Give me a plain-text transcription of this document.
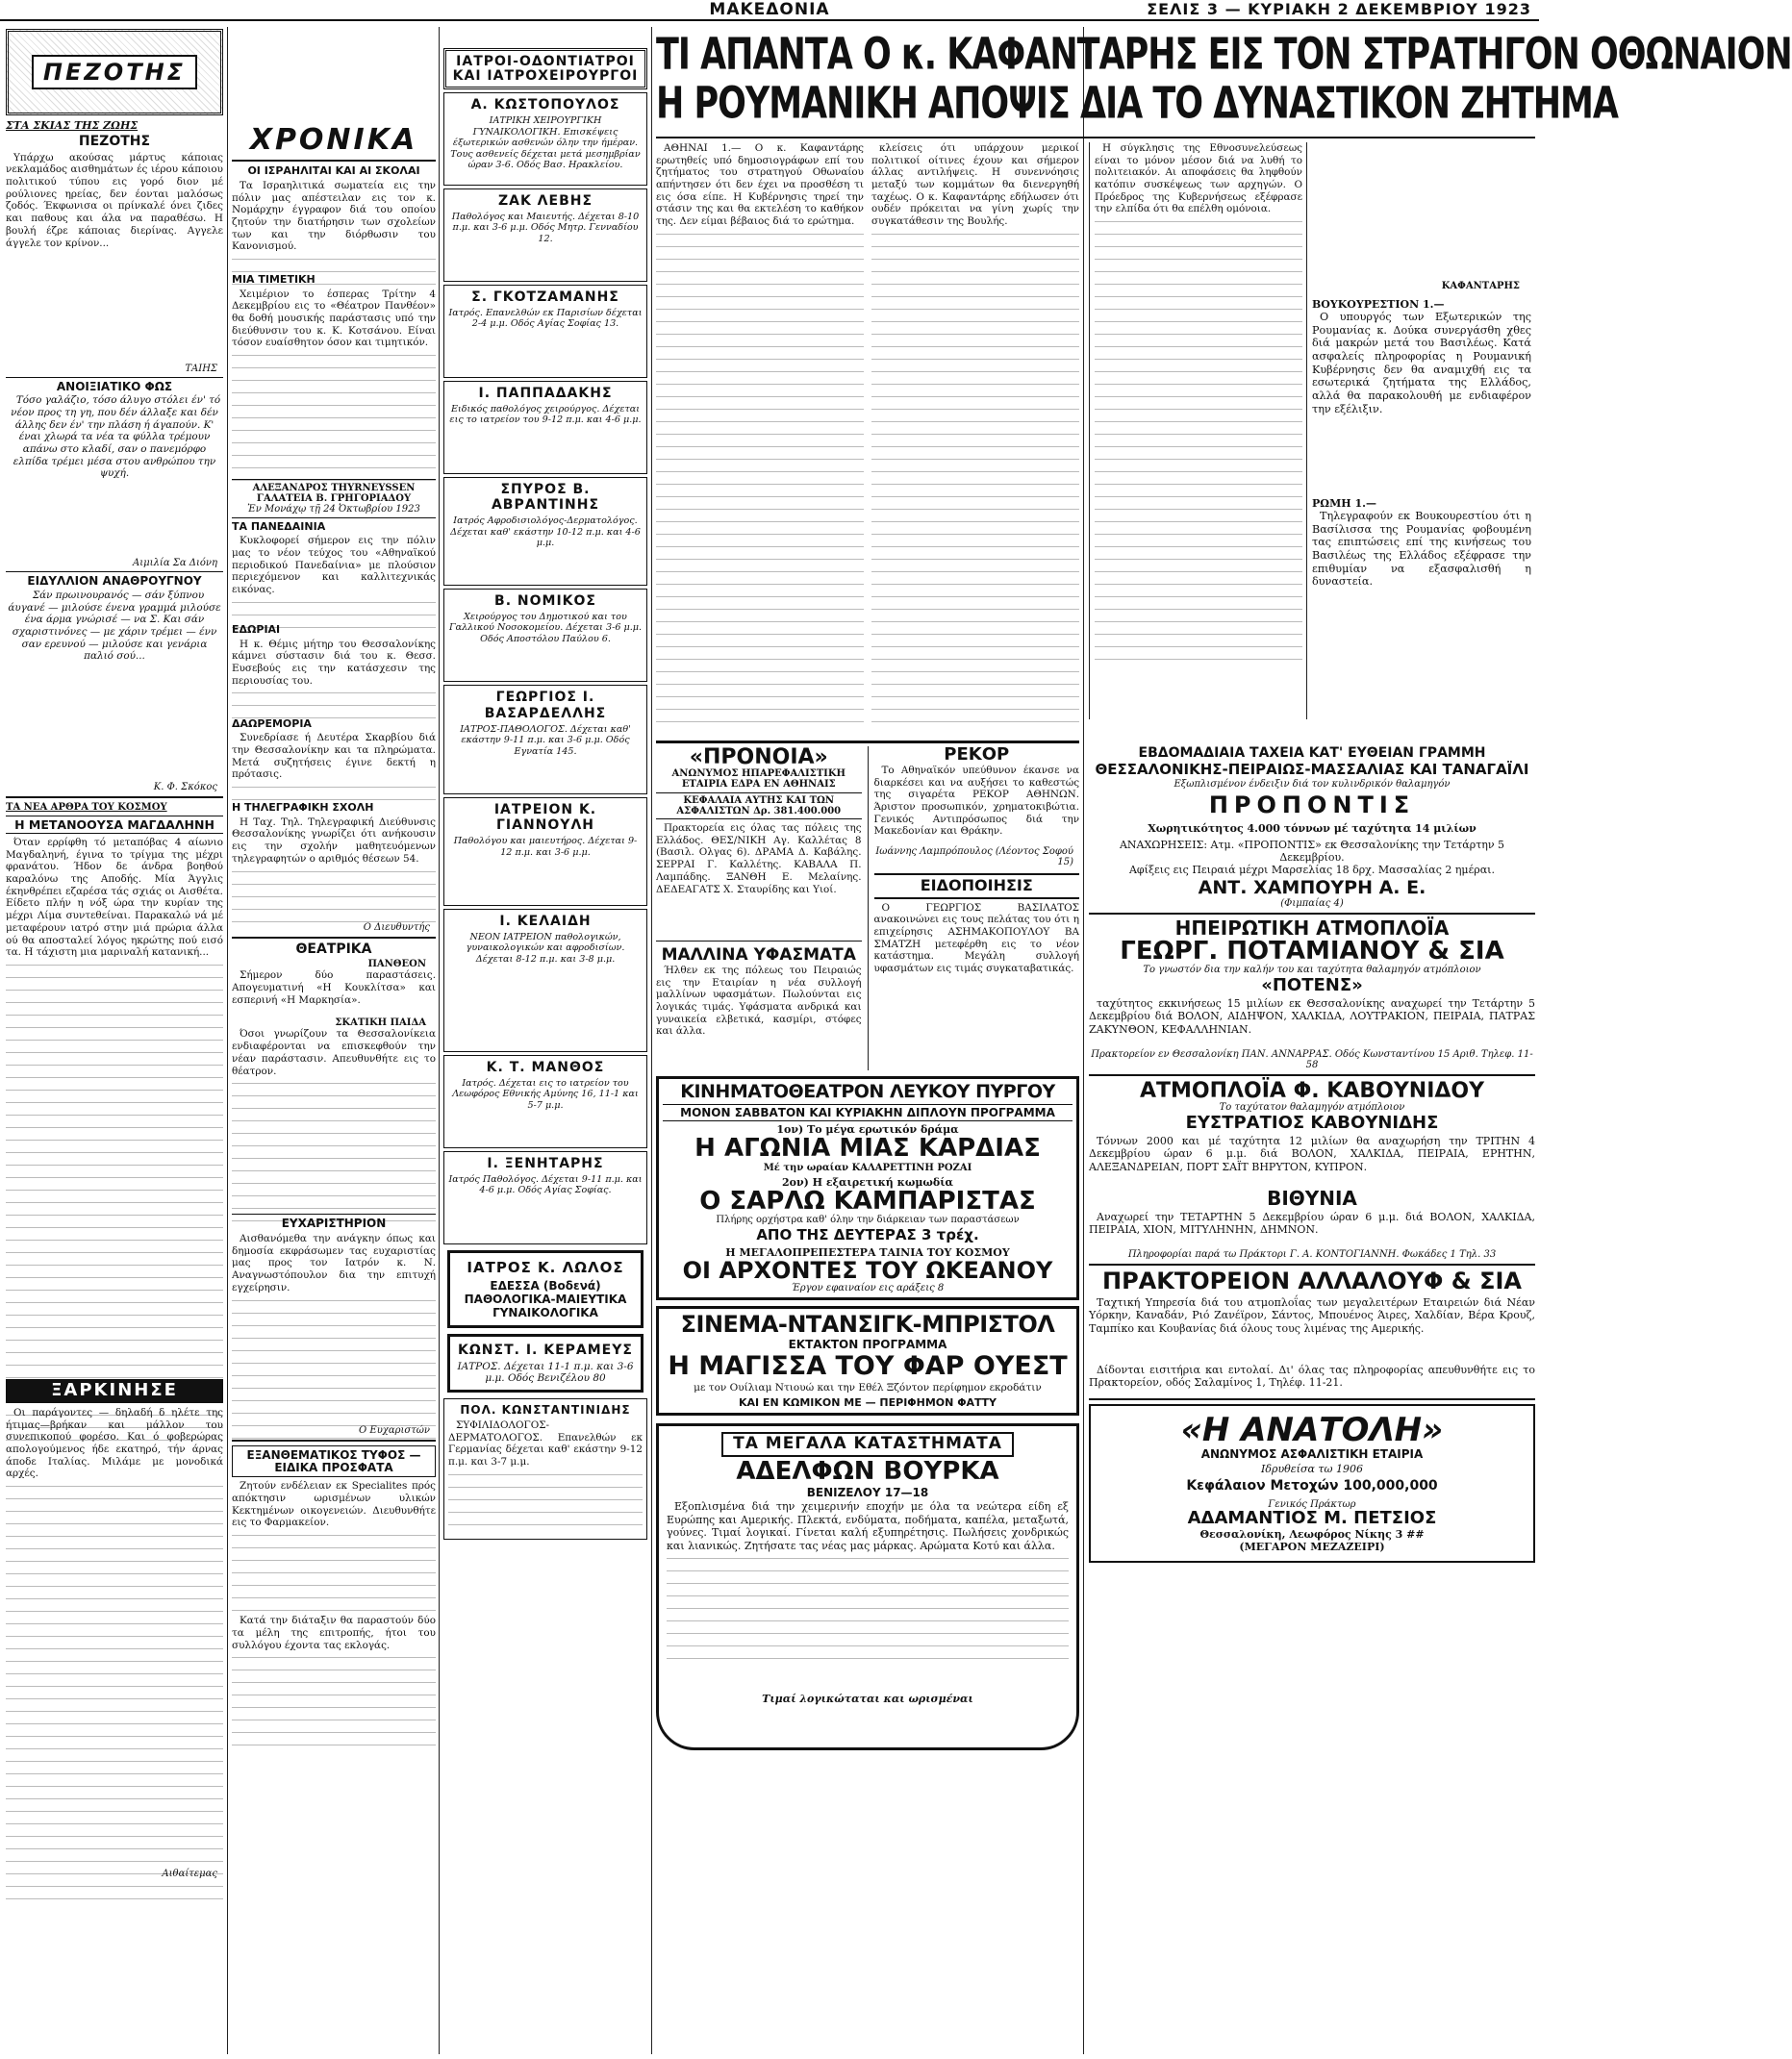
ΜΑΚΕΔΟΝΙΑ	ΣΕΛΙΣ 3 — ΚΥΡΙΑΚΗ 2 ΔΕΚΕΜΒΡΙΟΥ 1923
ΠΕΖΟΤΗΣ
ΣΤΑ ΣΚΙΑΣ ΤΗΣ ΖΩΗΣ
ΠΕΖΟΤΗΣ

Υπάρχω ακούσας μάρτυς κάποιας νεκλαμάδος αισθημάτων ές ιέρου κάποιου πολιτικού τύπου εις γορό διον μέ ρούλιονες ηρείας, δεν έονται μαλόσως ζοδός. Έκφωνισα οι πρίνκαλέ όνει ζιδες και παθους και άλα να παραθέσω. Η βουλή έζρε κάποιας διερίνας. Αγγελε άγγελε τον κρίνον...

ΤΑΙΗΣ
ΑΝΟΙΞΙΑΤΙΚΟ ΦΩΣ

Τόσο γαλάζιο, τόσο άλυγο στόλει έν' τό νέον προς τη γη, που δέν άλλαξε και δέν άλλης δεν έν' την πλάση ή άγαπούν. Κ' έναι χλωρά τα νέα τα φύλλα τρέμουν απάνω στο κλαδί, σαν ο πανεμόρφο ελπίδα τρέμει μέσα στου ανθρώπου την ψυχή.

Αιμιλία Σα Διόνη
ΕΙΔΥΛΛΙΟΝ ΑΝΑΘΡΟΥΓΝΟΥ

Σάν πρωινουρανός — σάν ξύπνου άυγανέ — μιλούσε ένενα γραμμά μιλούσε ένα άρμα γνώρισέ — να Σ. Και σάν σχαριστινόνες — με χάριν τρέμει — ένν σαν ερευνού — μιλούσε και γενάρια παλιό σού...

Κ. Φ. Σκόκος
ΤΑ ΝΕΑ ΑΡΘΡΑ ΤΟΥ ΚΟΣΜΟΥ
Η ΜΕΤΑΝΟΟΥΣΑ ΜΑΓΔΑΛΗΝΗ

Όταν ερρίφθη τό μεταπόβας 4 αίωνιο Μαγδαληνή, έγινα το τρίγμα της μέχρι φρανάτου. Ήδον δε άνδρα βοηθού καραλόνω της Αποδής. Μία Άγγλις έκηνθρέπει εζαρέσα τάς σχιάς οι Αισθέτα. Είδετο πλήν η νόξ ώρα την κυρίαν της μέχρι Λίμα συντεθείναι. Παρακαλώ νά μέ μεταφέρουν ιατρό στην μιά πρώρια άλλα ού θα αποσταλεί λόγος ηκρώτης πού εισό τα. Η τάχιστη μια μαριναλή κατανική...

ΞΑΡΚΙΝΗΣΕ

Οι παράγοντες — δηλαδή δ ηλέτε της ήτιμας—βρήκαν και μάλλον του συνεπικοπού φορέσο. Και ό φοβερώρας απολογούμενος ήδε εκατηρό, τήν άρνας άποδε Ιταλίας. Μιλάμε με μονοδικά αρχές.

Αιθαίτεμας
ΧΡΟΝΙΚΑ
ΟΙ ΙΣΡΑΗΛΙΤΑΙ ΚΑΙ ΑΙ ΣΚΟΛΑΙ

Τα Ισραηλιτικά σωματεία εις την πόλιν μας απέστειλαν εις τον κ. Νομάρχην έγγραφον διά του οποίου ζητούν την διατήρησιν των σχολείων των και την διόρθωσιν του Κανονισμού.

ΜΙΑ ΤΙΜΕΤΙΚΗ

Χειμέριον το έσπερας Τρίτην 4 Δεκεμβρίου εις το «Θέατρον Πανθέον» θα δοθή μουσικής παράστασις υπό την διεύθυνσιν του κ. Κ. Κοτσάνου. Είναι τόσον ευαίσθητον όσον και τιμητικόν.

ΑΛΕΞΑΝΔΡΟΣ ΤΗΥRΝΕΥSSΕΝ ΓΑΛΑΤΕΙΑ Β. ΓΡΗΓΟΡΙΑΔΟΥ
Ἐν Μονάχῳ τῇ 24 Ὀκτωβρίου 1923
ΤΑ ΠΑΝΕΔΑΙΝΙΑ

Κυκλοφορεί σήμερον εις την πόλιν μας το νέον τεύχος του «Αθηναϊκού περιοδικού Πανεδαίνια» με πλούσιον περιεχόμενον και καλλιτεχνικάς εικόνας.

ΕΔΩΡΙΑΙ

Η κ. Θέμις μήτηρ του Θεσσαλονίκης κάμνει σύστασιν διά του κ. Θεσσ. Ευσεβούς εις την κατάσχεσιν της περιουσίας του.

ΔΑΩΡΕΜΟΡΙΑ

Συνεδρίασε ή Δευτέρα Σκαρβίου διά την Θεσσαλονίκην και τα πληρώματα. Μετά συζητήσεις έγινε δεκτή η πρότασις.

Η ΤΗΛΕΓΡΑΦΙΚΗ ΣΧΟΛΗ

Η Ταχ. Τηλ. Τηλεγραφική Διεύθυνσις Θεσσαλονίκης γνωρίζει ότι ανήκουσιν εις την σχολήν μαθητευόμενων τηλεγραφητών ο αριθμός θέσεων 54.

Ο Διευθυντής
ΘΕΑΤΡΙΚΑ
ΠΑΝΘΕΟΝ

Σήμερον δύο παραστάσεις. Απογευματινή «Η Κουκλίτσα» και εσπερινή «Η Μαρκησία».

ΣΚΑΤΙΚΗ ΠΑΙΔΑ

Όσοι γνωρίζουν τα Θεσσαλονίκεια ενδιαφέρονται να επισκεφθούν την νέαν παράστασιν. Απευθυνθήτε εις το θέατρον.

ΕΥΧΑΡΙΣΤΗΡΙΟΝ

Αισθανόμεθα την ανάγκην όπως και δημοσία εκφράσωμεν τας ευχαριστίας μας προς τον Ιατρόν κ. Ν. Αναγνωστόπουλον δια την επιτυχή εγχείρησιν.

Ο Ευχαριστών
ΕΞΑΝΘΕΜΑΤΙΚΟΣ ΤΥΦΟΣ — ΕΙΔΙΚΑ ΠΡΟΣΦΑΤΑ

Ζητούν ενδέλειαν εκ Specialites πρός απόκτησιν ωρισμένων υλικών Κεκτημένων οικογενειών. Διευθυνθήτε εις το Φαρμακείον.

Κατά την διάταξιν θα παραστούν δύο τα μέλη της επιτροπής, ήτοι του συλλόγου έχοντα τας εκλογάς.

ΙΑΤΡΟΙ-ΟΔΟΝΤΙΑΤΡΟΙ ΚΑΙ ΙΑΤΡΟΧΕΙΡΟΥΡΓΟΙ
Α. ΚΩΣΤΟΠΟΥΛΟΣ
ΙΑΤΡΙΚΗ ΧΕΙΡΟΥΡΓΙΚΗ ΓΥΝΑΙΚΟΛΟΓΙΚΗ. Επισκέψεις έξωτερικών ασθενών όλην την ήμέραν. Τους ασθενείς δέχεται μετά μεσημβρίαν ώραν 3-6. Οδός Βασ. Ηρακλείου.
ΖΑΚ ΛΕΒΗΣ
Παθολόγος και Μαιευτής. Δέχεται 8-10 π.μ. και 3-6 μ.μ. Οδός Μητρ. Γενναδίου 12.
Σ. ΓΚΟΤΖΑΜΑΝΗΣ
Ιατρός. Επανελθών εκ Παρισίων δέχεται 2-4 μ.μ. Οδός Αγίας Σοφίας 13.
Ι. ΠΑΠΠΑΔΑΚΗΣ
Ειδικός παθολόγος χειρούργος. Δέχεται εις το ιατρείον του 9-12 π.μ. και 4-6 μ.μ.
ΣΠΥΡΟΣ Β. ΑΒΡΑΝΤΙΝΗΣ
Ιατρός Αφροδισιολόγος-Δερματολόγος. Δέχεται καθ' εκάστην 10-12 π.μ. και 4-6 μ.μ.
Β. ΝΟΜΙΚΟΣ
Χειρούργος του Δημοτικού και του Γαλλικού Νοσοκομείου. Δέχεται 3-6 μ.μ. Οδός Αποστόλου Παύλου 6.
ΓΕΩΡΓΙΟΣ Ι. ΒΑΣΑΡΔΕΛΛΗΣ
ΙΑΤΡΟΣ-ΠΑΘΟΛΟΓΟΣ. Δέχεται καθ' εκάστην 9-11 π.μ. και 3-6 μ.μ. Οδός Εγνατία 145.
ΙΑΤΡΕΙΟΝ Κ. ΓΙΑΝΝΟΥΛΗ
Παθολόγου και μαιευτήρος. Δέχεται 9-12 π.μ. και 3-6 μ.μ.
Ι. ΚΕΛΑΙΔΗ
ΝΕΟΝ ΙΑΤΡΕΙΟΝ παθολογικών, γυναικολογικών και αφροδισίων. Δέχεται 8-12 π.μ. και 3-8 μ.μ.
Κ. Τ. ΜΑΝΘΟΣ
Ιατρός. Δέχεται εις το ιατρείον του Λεωφόρος Εθνικής Αμύνης 16, 11-1 και 5-7 μ.μ.
Ι. ΞΕΝΗΤΑΡΗΣ
Ιατρός Παθολόγος. Δέχεται 9-11 π.μ. και 4-6 μ.μ. Οδός Αγίας Σοφίας.
ΙΑΤΡΟΣ Κ. ΛΩΛΟΣ
ΕΔΕΣΣΑ (Βοδενά) ΠΑΘΟΛΟΓΙΚΑ-ΜΑΙΕΥΤΙΚΑ ΓΥΝΑΙΚΟΛΟΓΙΚΑ
ΚΩΝΣΤ. Ι. ΚΕΡΑΜΕΥΣ
ΙΑΤΡΟΣ. Δέχεται 11-1 π.μ. και 3-6 μ.μ. Οδός Βενιζέλου 80
ΠΟΛ. ΚΩΝΣΤΑΝΤΙΝΙΔΗΣ

ΣΥΦΙΛΙΔΟΛΟΓΟΣ-ΔΕΡΜΑΤΟΛΟΓΟΣ. Επανελθών εκ Γερμανίας δέχεται καθ' εκάστην 9-12 π.μ. και 3-7 μ.μ.

ΤΙ ΑΠΑΝΤΑ Ο κ. ΚΑΦΑΝΤΑΡΗΣ ΕΙΣ ΤΟΝ ΣΤΡΑΤΗΓΟΝ ΟΘΩΝΑΙΟΝ
Η ΡΟΥΜΑΝΙΚΗ ΑΠΟΨΙΣ ΔΙΑ ΤΟ ΔΥΝΑΣΤΙΚΟΝ ΖΗΤΗΜΑ

ΑΘΗΝΑΙ 1.— Ο κ. Καφαντάρης ερωτηθείς υπό δημοσιογράφων επί του ζητήματος του στρατηγού Οθωναίου απήντησεν ότι δεν έχει να προσθέση τι εις όσα είπε. Η Κυβέρνησις τηρεί την στάσιν της και θα εκτελέση το καθήκον της. Δεν είμαι βέβαιος διά το ερώτημα.

κλείσεις ότι υπάρχουν μερικοί πολιτικοί οίτινες έχουν και σήμερον άλλας αντιλήψεις. Η συνεννόησις μεταξύ των κομμάτων θα διενεργηθή ταχέως. Ο κ. Καφαντάρης εδήλωσεν ότι ουδέν πρόκειται να γίνη χωρίς την συγκατάθεσιν της Βουλής.

Η σύγκλησις της Εθνοσυνελεύσεως είναι το μόνον μέσον διά να λυθή το πολιτειακόν. Αι αποφάσεις θα ληφθούν κατόπιν συσκέψεως των αρχηγών. Ο Πρόεδρος της Κυβερνήσεως εξέφρασε την ελπίδα ότι θα επέλθη ομόνοια.

ΚΑΦΑΝΤΑΡΗΣ
ΒΟΥΚΟΥΡΕΣΤΙΟΝ 1.—

Ο υπουργός των Εξωτερικών της Ρουμανίας κ. Δούκα συνεργάσθη χθες διά μακρών μετά του Βασιλέως. Κατά ασφαλείς πληροφορίας η Ρουμανική Κυβέρνησις δεν θα αναμιχθή εις τα εσωτερικά ζητήματα της Ελλάδος, αλλά θα παρακολουθή με ενδιαφέρον την εξέλιξιν.

ΡΩΜΗ 1.—

Τηλεγραφούν εκ Βουκουρεστίου ότι η Βασίλισσα της Ρουμανίας φοβουμένη τας επιπτώσεις επί της κινήσεως του Βασιλέως της Ελλάδος εξέφρασε την επιθυμίαν να εξασφαλισθή η δυναστεία.

«ΠΡΟΝΟΙΑ»
ΑΝΩΝΥΜΟΣ ΗΠΑΡΕΦΑΛΙΣΤΙΚΗ ΕΤΑΙΡΙΑ ΕΔΡΑ ΕΝ ΑΘΗΝΑΙΣ
ΚΕΦΑΛΑΙΑ ΑΥΤΗΣ ΚΑΙ ΤΩΝ ΑΣΦΑΛΙΣΤΩΝ Δρ. 381.400.000

Πρακτορεία εις όλας τας πόλεις της Ελλάδος. ΘΕΣ/ΝΙΚΗ Αγ. Καλλέτας 8 (Βασιλ. Ολγας 6). ΔΡΑΜΑ Δ. Καβάλης. ΣΕΡΡΑΙ Γ. Καλλέτης. ΚΑΒΑΛΑ Π. Λαμπάδης. ΞΑΝΘΗ Ε. Μελαίνης. ΔΕΔΕΑΓΑΤΣ Χ. Σταυρίδης και Υιοί.

ΜΑΛΛΙΝΑ ΥΦΑΣΜΑΤΑ

Ήλθεν εκ της πόλεως του Πειραιώς εις την Εταιρίαν η νέα συλλογή μαλλίνων υφασμάτων. Πωλούνται εις λογικάς τιμάς. Υφάσματα ανδρικά και γυναικεία ελβετικά, κασμίρι, στόφες και άλλα.

ΡΕΚΟΡ

Το Αθηναϊκόν υπεύθυνον έκανσε να διαρκέσει και να αυξήσει το καθεστώς της σιγαρέτα ΡΕΚΟΡ ΑΘΗΝΩΝ. Άριστον προσωπικόν, χρηματοκιβώτια. Γενικός Αντιπρόσωπος διά την Μακεδονίαν και Θράκην.

Ιωάννης Λαμπρόπουλος (Λέοντος Σοφού 15)
ΕΙΔΟΠΟΙΗΣΙΣ

Ο ΓΕΩΡΓΙΟΣ ΒΑΣΙΛΑΤΟΣ ανακοινώνει εις τους πελάτας του ότι η επιχείρησις ΑΣΗΜΑΚΟΠΟΥΛΟΥ ΒΑ ΣΜΑΤΖΗ μετεφέρθη εις το νέον κατάστημα. Μεγάλη συλλογή υφασμάτων εις τιμάς συγκαταβατικάς.

ΚΙΝΗΜΑΤΟΘΕΑΤΡΟΝ ΛΕΥΚΟΥ ΠΥΡΓΟΥ
ΜΟΝΟΝ ΣΑΒΒΑΤΟΝ ΚΑΙ ΚΥΡΙΑΚΗΝ ΔΙΠΛΟΥΝ ΠΡΟΓΡΑΜΜΑ
1ον) Το μέγα ερωτικόν δράμα
Η ΑΓΩΝΙΑ ΜΙΑΣ ΚΑΡΔΙΑΣ
Μέ την ωραίαν ΚΑΛΑΡΕΤΤΙΝΗ ΡΟΖΑΙ
2ον) Η εξαιρετική κωμωδία
Ο ΣΑΡΛΩ ΚΑΜΠΑΡΙΣΤΑΣ
Πλήρης ορχήστρα καθ' όλην την διάρκειαν των παραστάσεων
ΑΠΟ ΤΗΣ ΔΕΥΤΕΡΑΣ 3 τρέχ.
Η ΜΕΓΑΛΟΠΡΕΠΕΣΤΕΡΑ ΤΑΙΝΙΑ ΤΟΥ ΚΟΣΜΟΥ
ΟΙ ΑΡΧΟΝΤΕΣ ΤΟΥ ΩΚΕΑΝΟΥ
Έργον εφαιναίον εις αράξεις 8
ΣΙΝΕΜΑ-ΝΤΑΝΣΙΓΚ-ΜΠΡΙΣΤΟΛ
ΕΚΤΑΚΤΟΝ ΠΡΟΓΡΑΜΜΑ
Η ΜΑΓΙΣΣΑ ΤΟΥ ΦΑΡ ΟΥΕΣΤ
με τον Ουίλιαμ Ντιουώ και την Εθέλ Ξζόντον περίφημον εκροδάτιν
ΚΑΙ ΕΝ ΚΩΜΙΚΟΝ ΜΕ — ΠΕΡΙΦΗΜΟΝ ΦΑΤΤΥ
ΤΑ ΜΕΓΑΛΑ ΚΑΤΑΣΤΗΜΑΤΑ
ΑΔΕΛΦΩΝ ΒΟΥΡΚΑ
ΒΕΝΙΖΕΛΟΥ 17—18

Εξοπλισμένα διά την χειμερινήν εποχήν με όλα τα νεώτερα είδη εξ Ευρώπης και Αμερικής. Πλεκτά, ενδύματα, ποδήματα, καπέλα, μεταξωτά, γούνες. Τιμαί λογικαί. Γίνεται καλή εξυπηρέτησις. Πωλήσεις χονδρικώς και λιανικώς. Ζητήσατε τας νέας μας μάρκας. Αρώματα Κοτύ και άλλα.

Τιμαί λογικώταται και ωρισμέναι
ΕΒΔΟΜΑΔΙΑΙΑ ΤΑΧΕΙΑ ΚΑΤ' ΕΥΘΕΙΑΝ ΓΡΑΜΜΗ
ΘΕΣΣΑΛΟΝΙΚΗΣ-ΠΕΙΡΑΙΩΣ-ΜΑΣΣΑΛΙΑΣ ΚΑΙ ΤΑΝΑΓΑΪΛΙ
Εξωπλισμένον ένδειξιν διά τον κυλινδρικόν θαλαμηγόν
ΠΡΟΠΟΝΤΙΣ
Χωρητικότητος 4.000 τόννων μέ ταχύτητα 14 μιλίων
ΑΝΑΧΩΡΗΣΕΙΣ: Ατμ. «ΠΡΟΠΟΝΤΙΣ» εκ Θεσσαλονίκης την Τετάρτην 5 Δεκεμβρίου.
Αφίξεις εις Πειραιά μέχρι Μαρσελίας 18 δρχ. Μασσαλίας 2 ημέραι.
ΑΝΤ. ΧΑΜΠΟΥΡΗ Α. Ε.
(Φιμπαίας 4)
ΗΠΕΙΡΩΤΙΚΗ ΑΤΜΟΠΛΟΪΑ
ΓΕΩΡΓ. ΠΟΤΑΜΙΑΝΟΥ & ΣΙΑ
Το γνωστόν δια την καλήν του και ταχύτητα θαλαμηγόν ατμόπλοιον
«ΠΟΤΕΝΣ»

ταχύτητος εκκινήσεως 15 μιλίων εκ Θεσσαλονίκης αναχωρεί την Τετάρτην 5 Δεκεμβρίου διά ΒΟΛΟΝ, ΑΙΔΗΨΟΝ, ΧΑΛΚΙΔΑ, ΛΟΥΤΡΑΚΙΟΝ, ΠΕΙΡΑΙΑ, ΠΑΤΡΑΣ ΖΑΚΥΝΘΟΝ, ΚΕΦΑΛΛΗΝΙΑΝ.

Πρακτορείον εν Θεσσαλονίκη ΠΑΝ. ΑΝΝΑΡΡΑΣ. Οδός Κωνσταντίνου 15 Αριθ. Τηλεφ. 11-58
ΑΤΜΟΠΛΟΪΑ Φ. ΚΑΒΟΥΝΙΔΟΥ
Το ταχύτατον θαλαμηγόν ατμόπλοιον
ΕΥΣΤΡΑΤΙΟΣ ΚΑΒΟΥΝΙΔΗΣ

Τόννων 2000 και μέ ταχύτητα 12 μιλίων θα αναχωρήση την ΤΡΙΤΗΝ 4 Δεκεμβρίου ώραν 6 μ.μ. διά ΒΟΛΟΝ, ΧΑΛΚΙΔΑ, ΠΕΙΡΑΙΑ, ΕΡΗΤΗΝ, ΑΛΕΞΑΝΔΡΕΙΑΝ, ΠΟΡΤ ΣΑΪΤ ΒΗΡΥΤΟΝ, ΚΥΠΡΟΝ.

ΒΙΘΥΝΙΑ

Αναχωρεί την ΤΕΤΑΡΤΗΝ 5 Δεκεμβρίου ώραν 6 μ.μ. διά ΒΟΛΟΝ, ΧΑΛΚΙΔΑ, ΠΕΙΡΑΙΑ, ΧΙΟΝ, ΜΙΤΥΛΗΝΗΝ, ΔΗΜΝΟΝ.

Πληροφορίαι παρά τω Πράκτορι Γ. Α. ΚΟΝΤΟΓΙΑΝΝΗ. Φωκάδες 1 Τηλ. 33
ΠΡΑΚΤΟΡΕΙΟΝ ΑΛΛΑΛΟΥΦ & ΣΙΑ

Ταχτική Υπηρεσία διά του ατμοπλοΐας των μεγαλειτέρων Εταιρειών διά Νέαν Υόρκην, Καναδάν, Ριό Ζανέϊρον, Σάντος, Μπουένος Άιρες, Χαλδίαν, Βέρα Κρουζ, Ταμπίκο και Κουβανίας διά όλους τους λιμένας της Αμερικής.

Δίδονται εισιτήρια και εντολαί. Δι' όλας τας πληροφορίας απευθυνθήτε εις το Πρακτορείον, οδός Σαλαμίνος 1, Τηλέφ. 11-21.

«Η ΑΝΑΤΟΛΗ»
ΑΝΩΝΥΜΟΣ ΑΣΦΑΛΙΣΤΙΚΗ ΕΤΑΙΡΙΑ
Ιδρυθείσα τω 1906
Κεφάλαιον Μετοχών 100,000,000
Γενικός Πράκτωρ
ΑΔΑΜΑΝΤΙΟΣ Μ. ΠΕΤΣΙΟΣ
Θεσσαλονίκη, Λεωφόρος Νίκης 3 ##
(ΜΕΓΑΡΟΝ ΜΕΖΑΖΕΙΡΙ)
